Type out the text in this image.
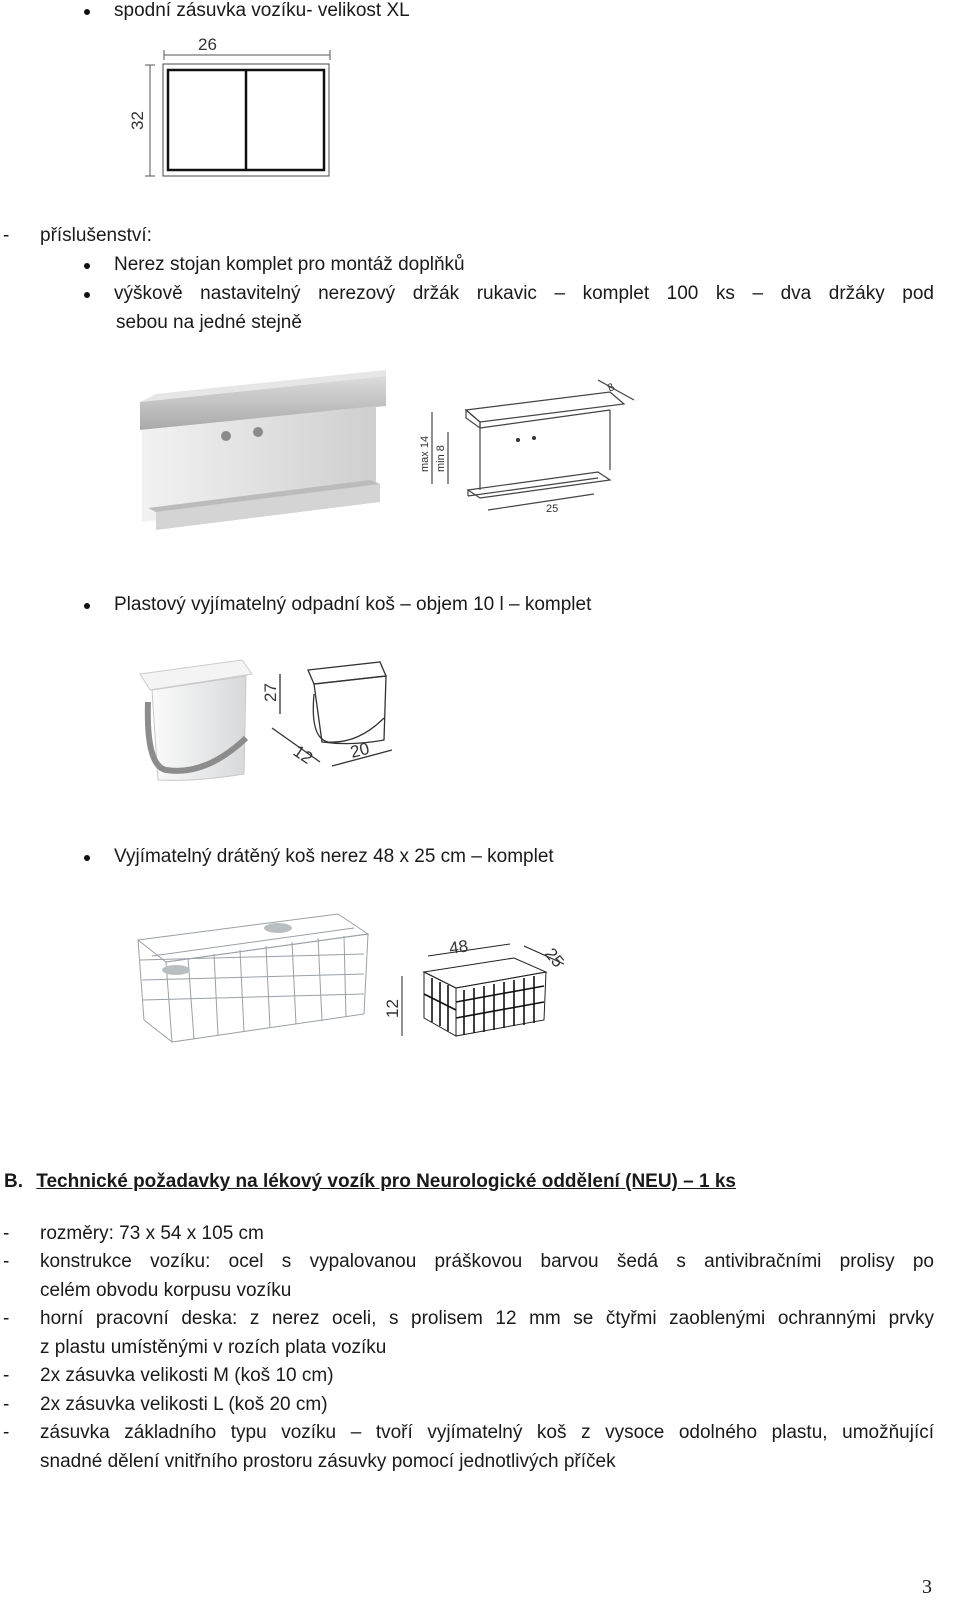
spodní zásuvka vozíku- velikost XL
26
32
- příslušenství:
Nerez stojan komplet pro montáž doplňků
výškově nastavitelný nerezový držák rukavic – komplet 100 ks – dva držáky pod
sebou na jedné stejně
max 14 min 8
8
25
Plastový vyjímatelný odpadní koš – objem 10 l – komplet
27
12 20
Vyjímatelný drátěný koš nerez 48 x 25 cm – komplet
12
48	25
B. Technické požadavky na lékový vozík pro Neurologické oddělení (NEU) – 1 ks
- rozměry: 73 x 54 x 105 cm
- konstrukce vozíku: ocel s vypalovanou práškovou barvou šedá s antivibračními prolisy po
celém obvodu korpusu vozíku
- horní pracovní deska: z nerez oceli, s prolisem 12 mm se čtyřmi zaoblenými ochrannými prvky
z plastu umístěnými v rozích plata vozíku
- 2x zásuvka velikosti M (koš 10 cm)
- 2x zásuvka velikosti L (koš 20 cm)
- zásuvka základního typu vozíku – tvoří vyjímatelný koš z vysoce odolného plastu, umožňující
snadné dělení vnitřního prostoru zásuvky pomocí jednotlivých příček
3
